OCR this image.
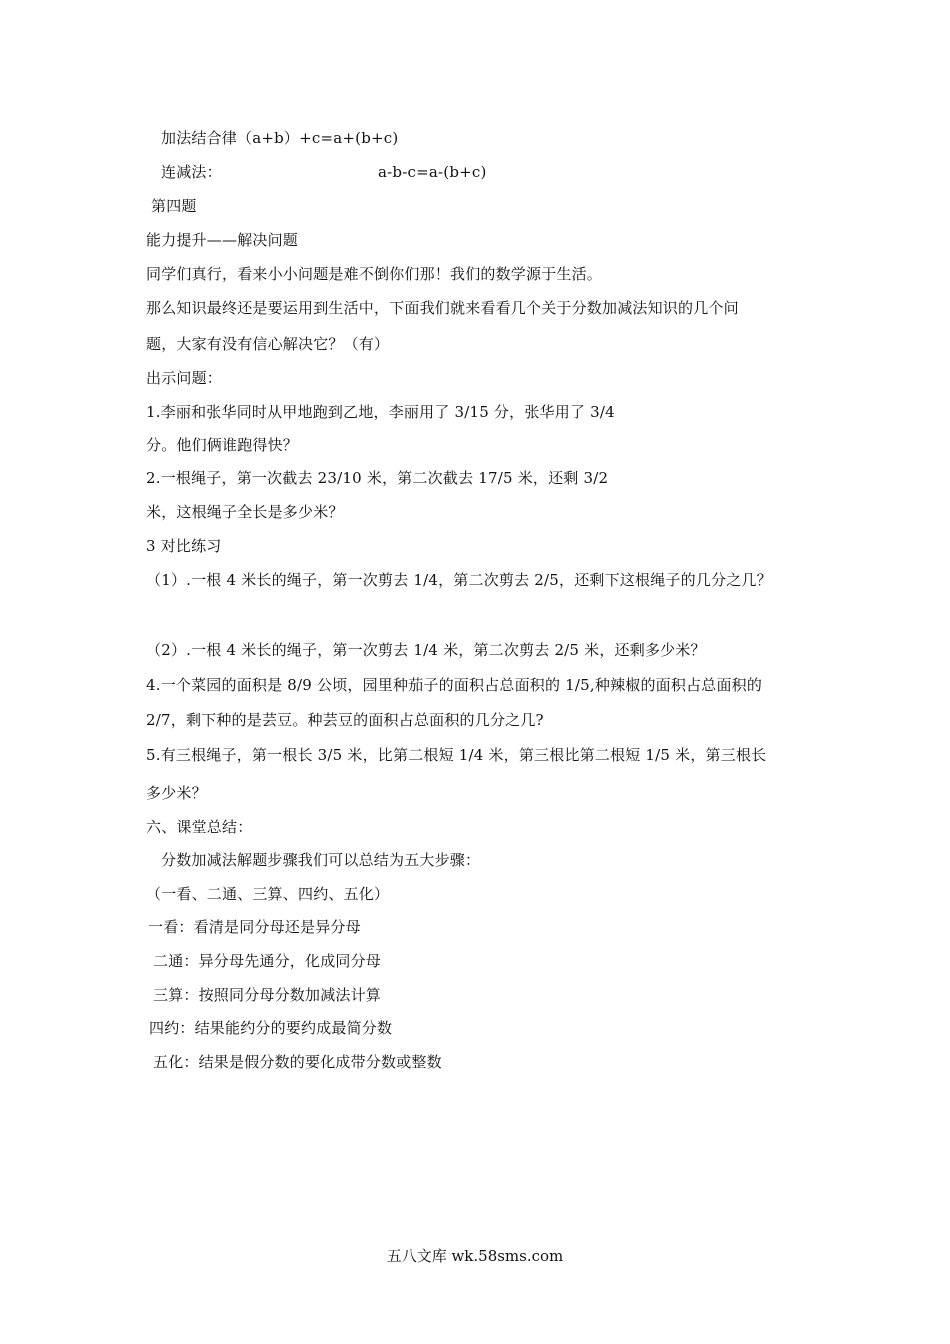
加法结合律（a+b）+c=a+(b+c)
连减法：	a-b-c=a-(b+c)
第四题
能力提升——解决问题
同学们真行，看来小小问题是难不倒你们那！我们的数学源于生活。
那么知识最终还是要运用到生活中，下面我们就来看看几个关于分数加减法知识的几个问
题，大家有没有信心解决它？（有）
出示问题：
1.李丽和张华同时从甲地跑到乙地，李丽用了 3/15 分，张华用了 3/4
分。他们俩谁跑得快？
2.一根绳子，第一次截去 23/10 米，第二次截去 17/5 米，还剩 3/2
米，这根绳子全长是多少米？
3 对比练习
（1）.一根 4 米长的绳子，第一次剪去 1/4，第二次剪去 2/5，还剩下这根绳子的几分之几？
（2）.一根 4 米长的绳子，第一次剪去 1/4 米，第二次剪去 2/5 米，还剩多少米？
4.一个菜园的面积是 8/9 公顷，园里种茄子的面积占总面积的 1/5,种辣椒的面积占总面积的
2/7，剩下种的是芸豆。种芸豆的面积占总面积的几分之几?
5.有三根绳子，第一根长 3/5 米，比第二根短 1/4 米，第三根比第二根短 1/5 米，第三根长
多少米？
六、课堂总结：
分数加减法解题步骤我们可以总结为五大步骤：
（一看、二通、三算、四约、五化）
一看：看清是同分母还是异分母
二通：异分母先通分，化成同分母
三算：按照同分母分数加减法计算
四约：结果能约分的要约成最简分数
五化：结果是假分数的要化成带分数或整数
五八文库 wk.58sms.com
